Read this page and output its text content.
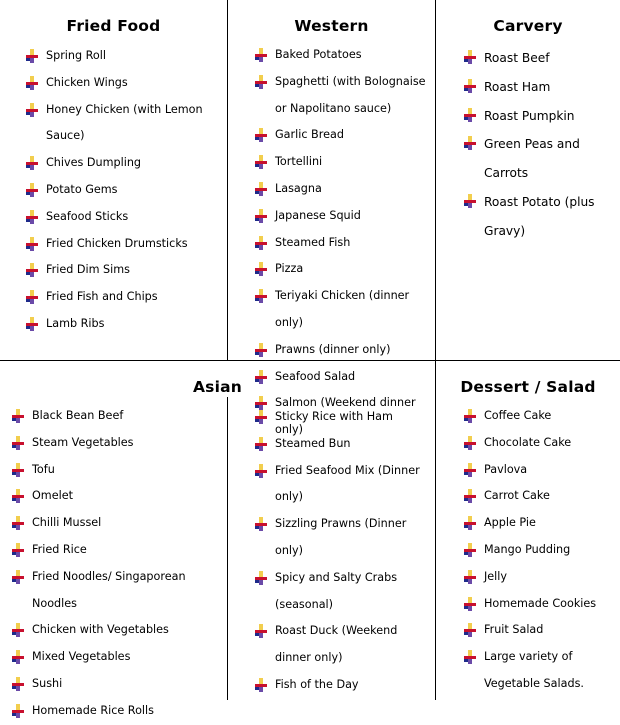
Fried Food	Western	Carvery
Asian	Dessert / Salad
Spring Roll
Chicken Wings
Honey Chicken (with Lemon Sauce)
Chives Dumpling
Potato Gems
Seafood Sticks
Fried Chicken Drumsticks
Fried Dim Sims
Fried Fish and Chips
Lamb Ribs
Baked Potatoes
Spaghetti (with Bolognaise or Napolitano sauce)
Garlic Bread
Tortellini
Lasagna
Japanese Squid
Steamed Fish
Pizza
Teriyaki Chicken (dinner only)
Prawns (dinner only)
Seafood Salad
Salmon (Weekend dinner only)
Roast Beef
Roast Ham
Roast Pumpkin
Green Peas and Carrots
Roast Potato (plus Gravy)
Black Bean Beef
Steam Vegetables
Tofu
Omelet
Chilli Mussel
Fried Rice
Fried Noodles/ Singaporean Noodles
Chicken with Vegetables
Mixed Vegetables
Sushi
Homemade Rice Rolls
Sticky Rice with Ham
Steamed Bun
Fried Seafood Mix (Dinner only)
Sizzling Prawns (Dinner only)
Spicy and Salty Crabs (seasonal)
Roast Duck (Weekend dinner only)
Fish of the Day
Coffee Cake
Chocolate Cake
Pavlova
Carrot Cake
Apple Pie
Mango Pudding
Jelly
Homemade Cookies
Fruit Salad
Large variety of Vegetable Salads.
